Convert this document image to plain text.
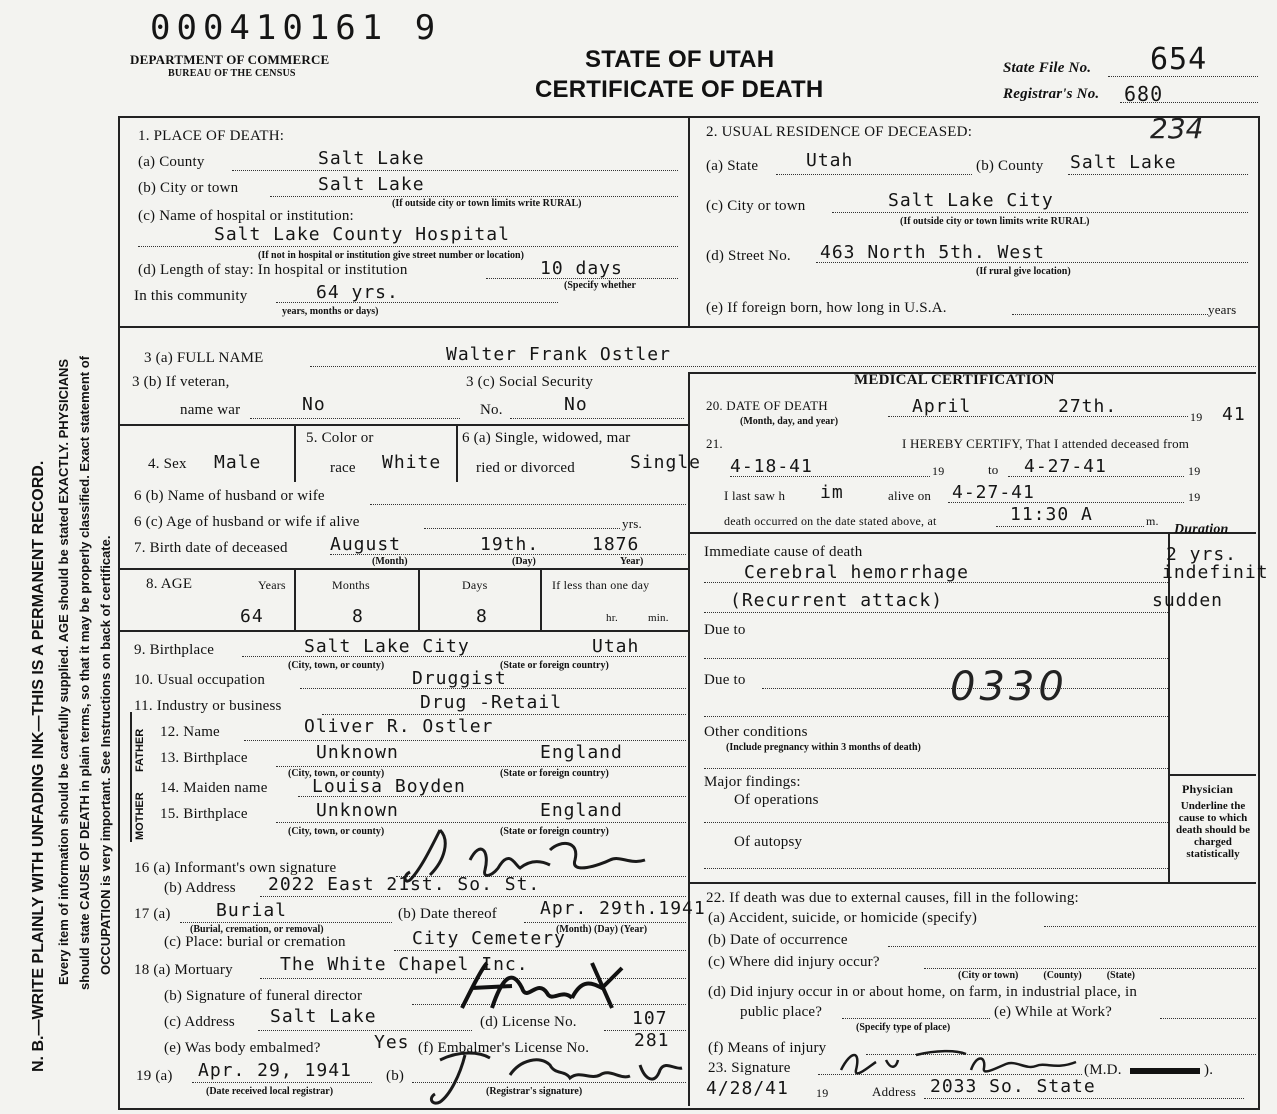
N. B.—WRITE PLAINLY WITH UNFADING INK—THIS IS A PERMANENT RECORD. Every item of information should be carefully supplied. AGE should be stated EXACTLY. PHYSICIANS should state CAUSE OF DEATH in plain terms, so that it may be properly classified. Exact statement of OCCUPATION is very important. See Instructions on back of certificate.
000410161 9
DEPARTMENT OF COMMERCE
BUREAU OF THE CENSUS
STATE OF UTAH
CERTIFICATE OF DEATH
State File No. 654
Registrar's No. 680
1. PLACE OF DEATH:
(a) County	Salt Lake
(b) City or town	Salt Lake
(If outside city or town limits write RURAL)
(c) Name of hospital or institution:
Salt Lake County Hospital
(If not in hospital or institution give street number or location)
(d) Length of stay: In hospital or institution	10 days
In this community	64 yrs.	(Specify whether
years, months or days)
2. USUAL RESIDENCE OF DECEASED:	234
(a) State	Utah	(b) County Salt Lake
(c) City or town	Salt Lake City
(If outside city or town limits write RURAL)
(d) Street No. 463 North 5th. West
(If rural give location)
(e) If foreign born, how long in U.S.A.	years
3 (a) FULL NAME	Walter Frank Ostler
3 (b) If veteran,
name war	No
3 (c) Social Security
No.	No
4. Sex Male
5. Color or
race White
6 (a) Single, widowed, mar
ried or divorced	Single
6 (b) Name of husband or wife
6 (c) Age of husband or wife if alive	yrs.
7. Birth date of deceased August	19th.	1876
(Month)	(Day)	Year)
8. AGE	Years	Months	Days	If less than one day
64	8	8	hr.	min.
9. Birthplace	Salt Lake City	Utah
(City, town, or county)	(State or foreign country)
10. Usual occupation	Druggist
11. Industry or business	Drug -Retail
FATHER
MOTHER
12. Name	Oliver R. Ostler
13. Birthplace	Unknown	England
(City, town, or county)	(State or foreign country)
14. Maiden name Louisa Boyden
15. Birthplace	Unknown	England
(City, town, or county)	(State or foreign country)
16 (a) Informant's own signature
(b) Address 2022 East 21st. So. St.
17 (a)	Burial
(Burial, cremation, or removal)
(b) Date thereof Apr. 29th.1941
(Month) (Day) (Year)
(c) Place: burial or cremation	City Cemetery
18 (a) Mortuary	The White Chapel Inc.
(b) Signature of funeral director
(c) Address Salt Lake	(d) License No.	107
(e) Was body embalmed?	Yes (f) Embalmer's License No. 281
19 (a) Apr. 29, 1941
(Date received local registrar)
(b)
(Registrar's signature)
MEDICAL CERTIFICATION
20. DATE OF DEATH
(Month, day, and year)
April	27th.	19 41
21.	I HEREBY CERTIFY, That I attended deceased from
4-18-41	19	to 4-27-41	19
I last saw h im	alive on 4-27-41	19
death occurred on the date stated above, at	11:30 A	m.
Duration
Immediate cause of death
Cerebral hemorrhage
(Recurrent attack)
2 yrs.
indefinit
sudden
Due to
Due to	0330
Other conditions
(Include pregnancy within 3 months of death)
Major findings:
Of operations
Of autopsy
Physician
Underline the cause to which death should be charged statistically
22. If death was due to external causes, fill in the following:
(a) Accident, suicide, or homicide (specify)
(b) Date of occurrence
(c) Where did injury occur?
(City or town)          (County)          (State)
(d) Did injury occur in or about home, on farm, in industrial place, in
public place?	(e) While at Work?
(Specify type of place)
(f) Means of injury
23. Signature	(M.D.	).
4/28/41 19	Address 2033 So. State
